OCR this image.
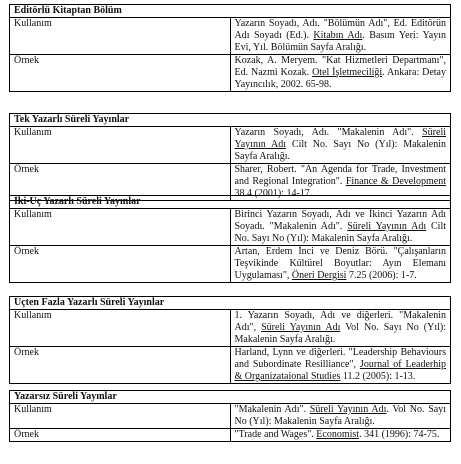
Editörlü Kitaptan Bölüm	
Kullanım	Yazarın Soyadı, Adı. "Bölümün Adı", Ed. Editörün Adı Soyadı (Ed.). Kitabın Adı. Basım Yeri: Yayın Evi, Yıl. Bölümün Sayfa Aralığı.
Örnek	Kozak, A. Meryem. "Kat Hizmetleri Departmanı", Ed. Nazmi Kozak. Otel İşletmeciliği. Ankara: Detay Yayıncılık, 2002. 65-98.
Tek Yazarlı Süreli Yayınlar	
Kullanım	Yazarın Soyadı, Adı. "Makalenin Adı". Süreli Yayının Adı Cilt No. Sayı No (Yıl): Makalenin Sayfa Aralığı.
Örnek	Sharer, Robert. "An Agenda for Trade, Investment and Regional Integration". Finance & Development 38.4 (2001): 14-17.
İki-Üç Yazarlı Süreli Yayınlar	
Kullanım	Birinci Yazarın Soyadı, Adı ve İkinci Yazarın Adı Soyadı. "Makalenin Adı". Süreli Yayının Adı Cilt No. Sayı No (Yıl): Makalenin Sayfa Aralığı.
Örnek	Artan, Erdem İnci ve Deniz Börü. "Çalışanların Teşvikinde Kültürel Boyutlar: Ayın Elemanı Uygulaması", Öneri Dergisi 7.25 (2006): 1-7.
Üçten Fazla Yazarlı Süreli Yayınlar	
Kullanım	1. Yazarın Soyadı, Adı ve diğerleri. "Makalenin Adı", Süreli Yayının Adı Vol No. Sayı No (Yıl): Makalenin Sayfa Aralığı.
Örnek	Harland, Lynn ve diğerleri. "Leadership Behaviours and Subordinate Resilliance", Journal of Leaderhip & Organizataional Studies 11.2 (2005): 1-13.
Yazarsız Süreli Yayınlar	
Kullanım	"Makalenin Adı". Süreli Yayının Adı. Vol No. Sayı No (Yıl): Makalenin Sayfa Aralığı.
Örnek	"Trade and Wages". Economist. 341 (1996): 74-75.
